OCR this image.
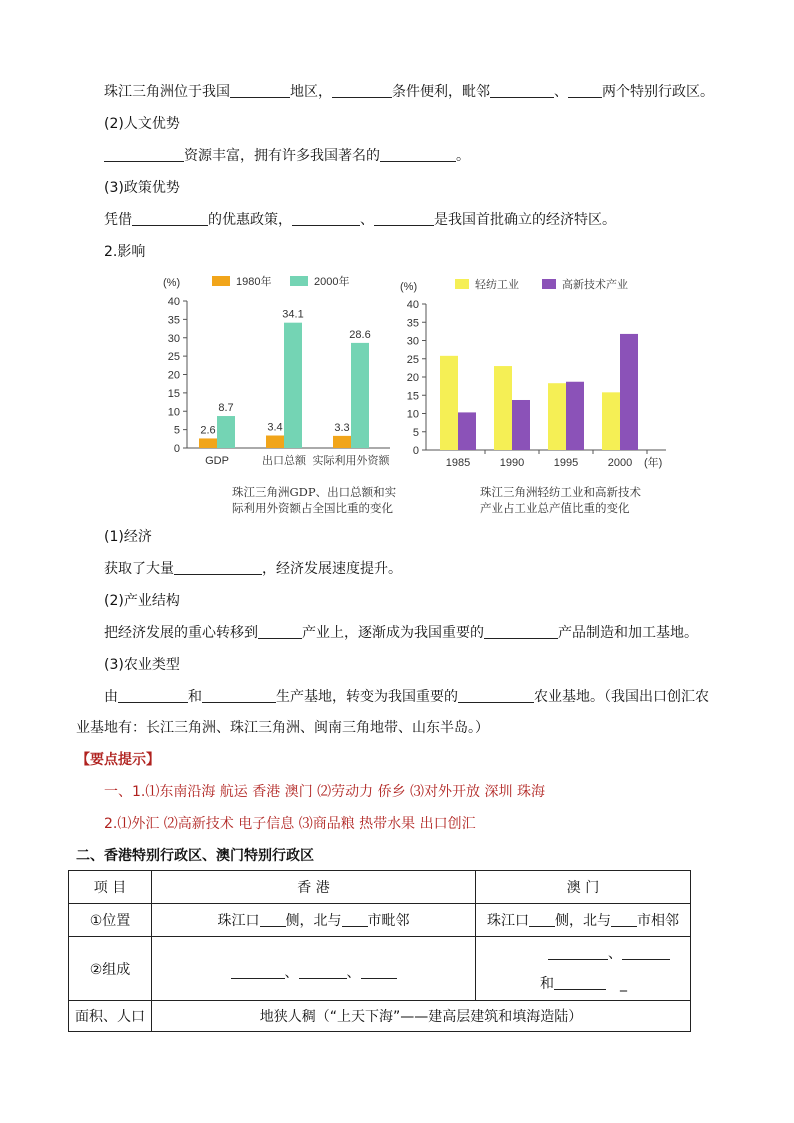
珠江三角洲位于我国	地区，	条件便利，毗邻	、 两个特别行政区。
(2)人文优势
资源丰富，拥有许多我国著名的	。
(3)政策优势
凭借	的优惠政策，	、	是我国首批确立的经济特区。
2.影响
(%)	1980年	2000年
0
5
10
15
20
25
30
35
40
2.6
8.7
GDP
3.4
34.1
出口总额
3.3
28.6
实际利用外资额
珠江三角洲GDP、出口总额和实
际利用外资额占全国比重的变化
(%)	轻纺工业	高新技术产业
0
5
10
15
20
25
30
35
40
1985	1990	1995	2000 (年)
珠江三角洲轻纺工业和高新技术
产业占工业总产值比重的变化
(1)经济
获取了大量	，经济发展速度提升。
(2)产业结构
把经济发展的重心转移到	产业上，逐渐成为我国重要的	产品制造和加工基地。
(3)农业类型
由	和	生产基地，转变为我国重要的	农业基地。（我国出口创汇农
业基地有：长江三角洲、珠江三角洲、闽南三角地带、山东半岛。）
【要点提示】
一、1.⑴东南沿海 航运 香港 澳门 ⑵劳动力 侨乡 ⑶对外开放 深圳 珠海
2.⑴外汇 ⑵高新技术 电子信息 ⑶商品粮 热带水果 出口创汇
二、香港特别行政区、澳门特别行政区
项 目	香 港	澳 门
①位置	珠江口 侧，北与 市毗邻	珠江口 侧，北与 市相邻
②组成	、 、	、
和 _

面积、人口	地狭人稠（“上天下海”——建高层建筑和填海造陆）	
